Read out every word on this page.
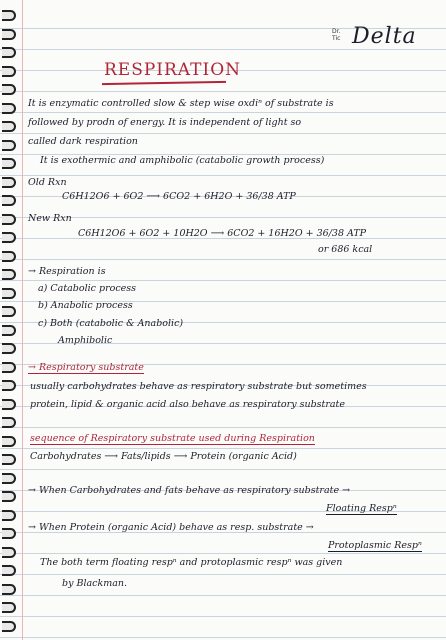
Dr.
Tic Delta
RESPIRATION
It is enzymatic controlled slow & step wise oxdiⁿ of substrate is
followed by prodn of energy. It is independent of light so
called dark respiration
It is exothermic and amphibolic (catabolic growth process)
Old Rxn
C6H12O6 + 6O2 ⟶ 6CO2 + 6H2O + 36/38 ATP
New Rxn
C6H12O6 + 6O2 + 10H2O ⟶ 6CO2 + 16H2O + 36/38 ATP
or 686 kcal
→ Respiration is
a) Catabolic process
b) Anabolic process
c) Both (catabolic & Anabolic)
Amphibolic
→ Respiratory substrate
usually carbohydrates behave as respiratory substrate but sometimes
protein, lipid & organic acid also behave as respiratory substrate
sequence of Respiratory substrate used during Respiration
Carbohydrates ⟶ Fats/lipids ⟶ Protein (organic Acid)
→ When Carbohydrates and fats behave as respiratory substrate →
Floating Respⁿ
→ When Protein (organic Acid) behave as resp. substrate →
Protoplasmic Respⁿ
The both term floating respⁿ and protoplasmic respⁿ was given
by Blackman.
